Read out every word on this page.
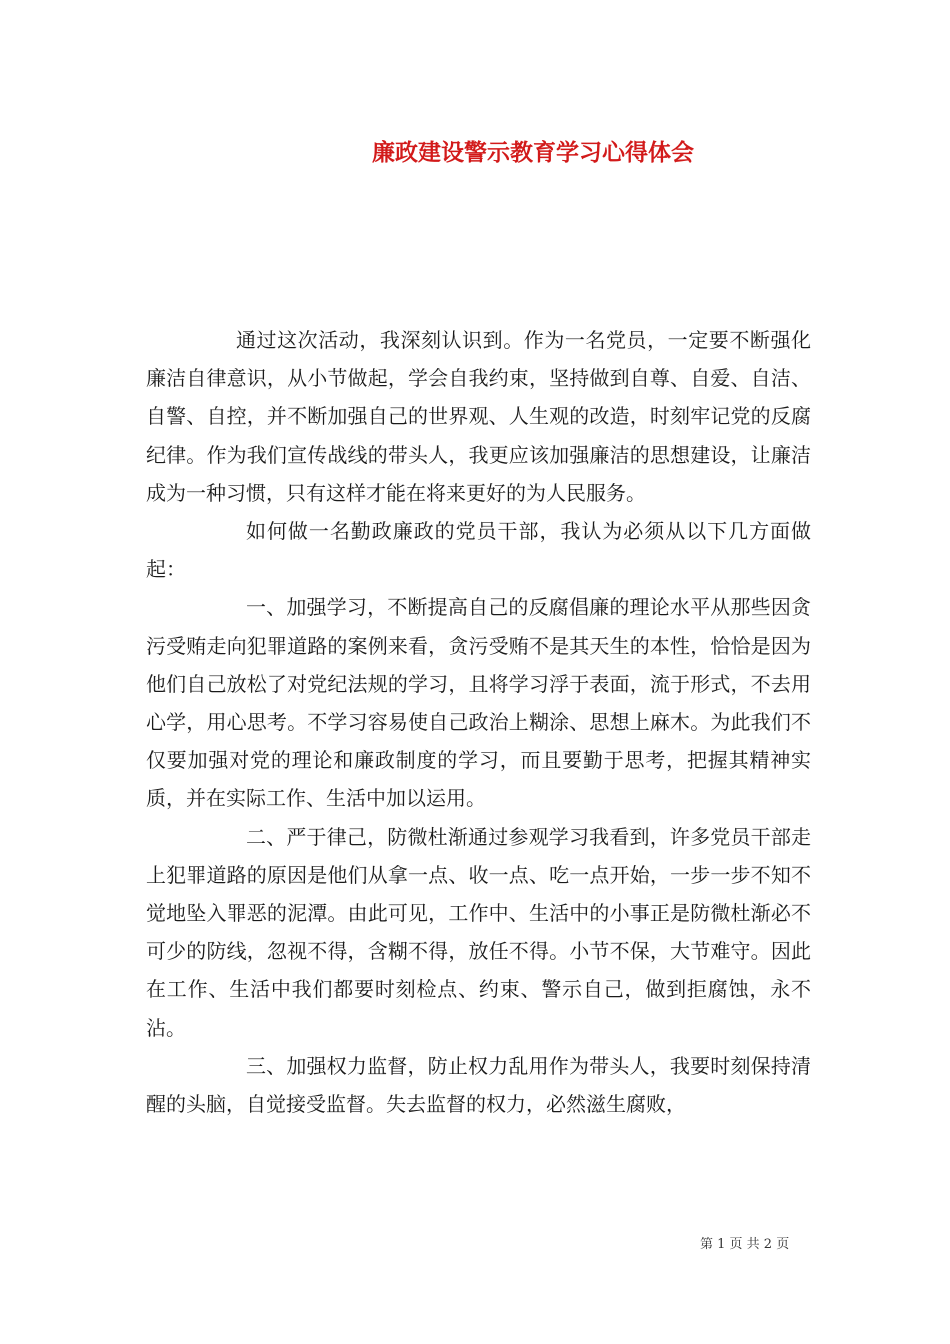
廉政建设警示教育学习心得体会

通过这次活动，我深刻认识到。作为一名党员，一定要不断强化廉洁自律意识，从小节做起，学会自我约束，坚持做到自尊、自爱、自洁、自警、自控，并不断加强自己的世界观、人生观的改造，时刻牢记党的反腐纪律。作为我们宣传战线的带头人，我更应该加强廉洁的思想建设，让廉洁成为一种习惯，只有这样才能在将来更好的为人民服务。

如何做一名勤政廉政的党员干部，我认为必须从以下几方面做起：

一、加强学习，不断提高自己的反腐倡廉的理论水平从那些因贪污受贿走向犯罪道路的案例来看，贪污受贿不是其天生的本性，恰恰是因为他们自己放松了对党纪法规的学习，且将学习浮于表面，流于形式，不去用心学，用心思考。不学习容易使自己政治上糊涂、思想上麻木。为此我们不仅要加强对党的理论和廉政制度的学习，而且要勤于思考，把握其精神实质，并在实际工作、生活中加以运用。

二、严于律己，防微杜渐通过参观学习我看到，许多党员干部走上犯罪道路的原因是他们从拿一点、收一点、吃一点开始，一步一步不知不觉地坠入罪恶的泥潭。由此可见，工作中、生活中的小事正是防微杜渐必不可少的防线，忽视不得，含糊不得，放任不得。小节不保，大节难守。因此在工作、生活中我们都要时刻检点、约束、警示自己，做到拒腐蚀，永不沾。

三、加强权力监督，防止权力乱用作为带头人，我要时刻保持清醒的头脑，自觉接受监督。失去监督的权力，必然滋生腐败，

第 1 页 共 2 页
